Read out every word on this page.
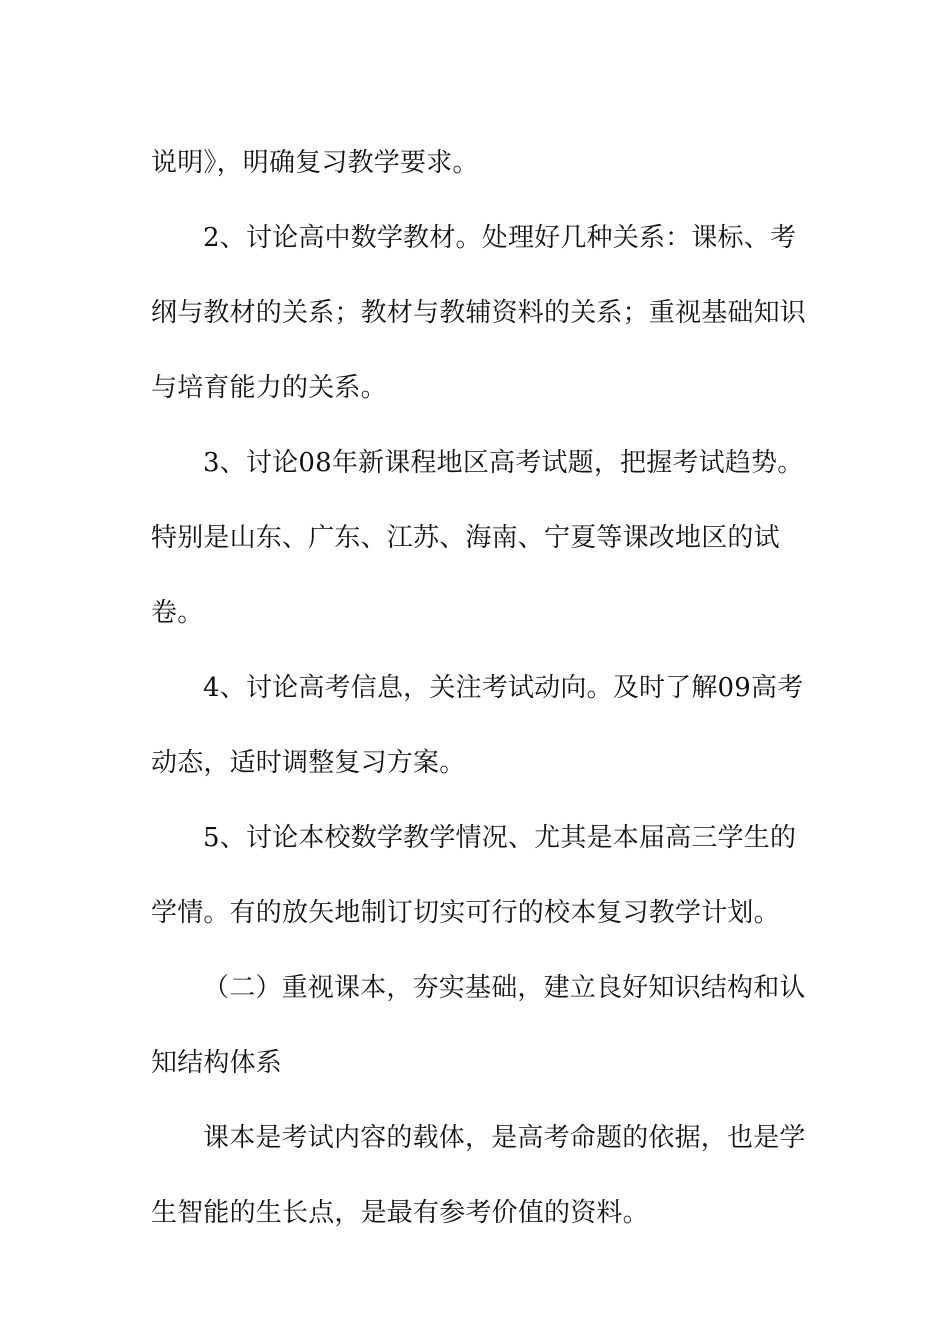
说明》，明确复习教学要求。

2、讨论高中数学教材。处理好几种关系：课标、考纲与教材的关系；教材与教辅资料的关系；重视基础知识与培育能力的关系。

3、讨论08年新课程地区高考试题，把握考试趋势。特别是山东、广东、江苏、海南、宁夏等课改地区的试卷。

4、讨论高考信息，关注考试动向。及时了解09高考动态，适时调整复习方案。

5、讨论本校数学教学情况、尤其是本届高三学生的学情。有的放矢地制订切实可行的校本复习教学计划。

（二）重视课本，夯实基础，建立良好知识结构和认知结构体系

课本是考试内容的载体，是高考命题的依据，也是学生智能的生长点，是最有参考价值的资料。
